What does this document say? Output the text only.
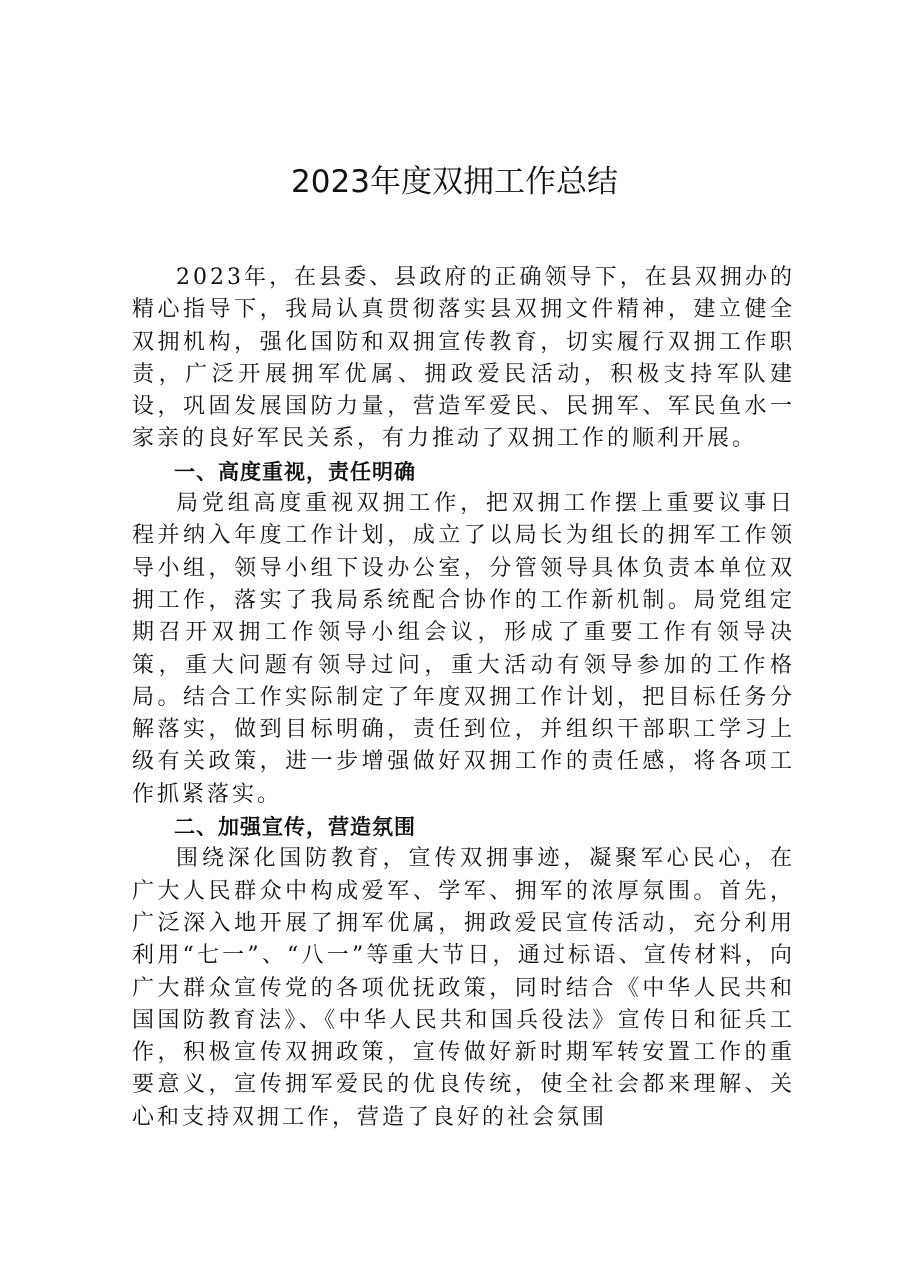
2023年度双拥工作总结

2023年，在县委、县政府的正确领导下，在县双拥办的精心指导下，我局认真贯彻落实县双拥文件精神，建立健全双拥机构，强化国防和双拥宣传教育，切实履行双拥工作职责，广泛开展拥军优属、拥政爱民活动，积极支持军队建设，巩固发展国防力量，营造军爱民、民拥军、军民鱼水一家亲的良好军民关系，有力推动了双拥工作的顺利开展。

一、高度重视，责任明确

局党组高度重视双拥工作，把双拥工作摆上重要议事日程并纳入年度工作计划，成立了以局长为组长的拥军工作领导小组，领导小组下设办公室，分管领导具体负责本单位双拥工作，落实了我局系统配合协作的工作新机制。局党组定期召开双拥工作领导小组会议，形成了重要工作有领导决策，重大问题有领导过问，重大活动有领导参加的工作格局。结合工作实际制定了年度双拥工作计划，把目标任务分解落实，做到目标明确，责任到位，并组织干部职工学习上级有关政策，进一步增强做好双拥工作的责任感，将各项工作抓紧落实。

二、加强宣传，营造氛围

围绕深化国防教育，宣传双拥事迹，凝聚军心民心，在广大人民群众中构成爱军、学军、拥军的浓厚氛围。首先，广泛深入地开展了拥军优属，拥政爱民宣传活动，充分利用利用“七一”、“八一”等重大节日，通过标语、宣传材料，向广大群众宣传党的各项优抚政策，同时结合《中华人民共和国国防教育法》、《中华人民共和国兵役法》宣传日和征兵工作，积极宣传双拥政策，宣传做好新时期军转安置工作的重要意义，宣传拥军爱民的优良传统，使全社会都来理解、关心和支持双拥工作，营造了良好的社会氛围
